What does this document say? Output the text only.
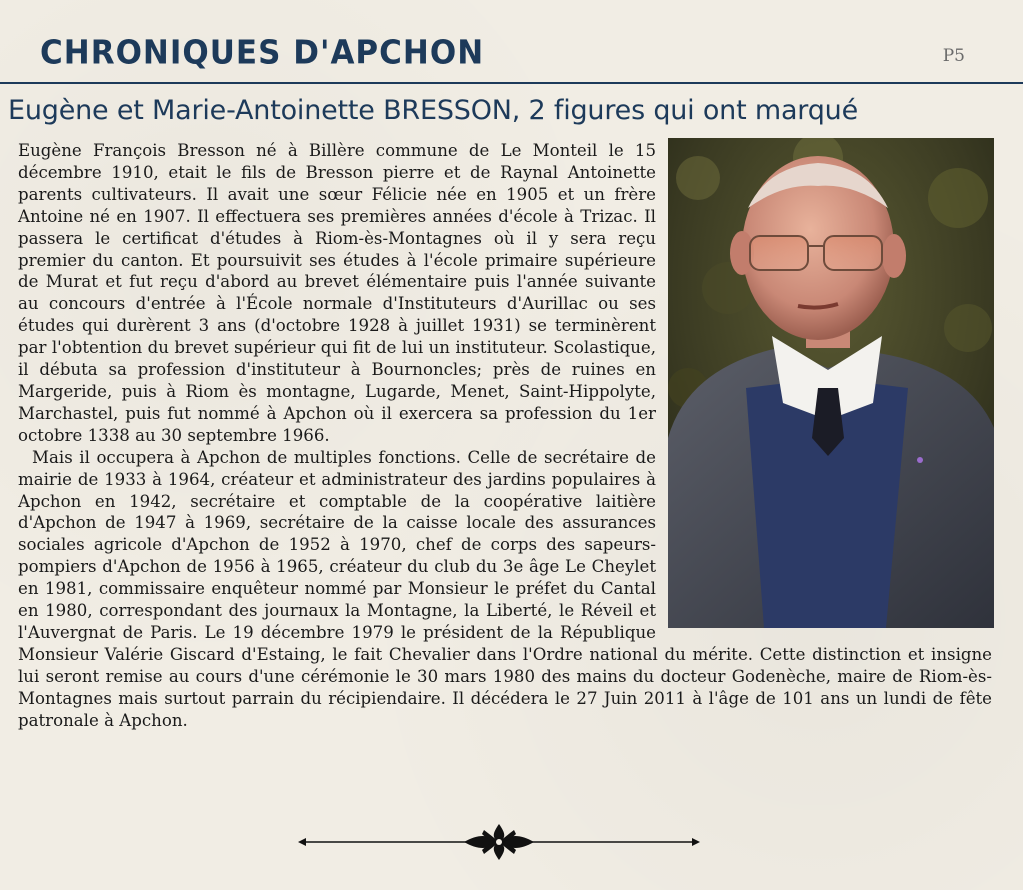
CHRONIQUES D'APCHON	P5
Eugène et Marie-Antoinette BRESSON, 2 figures qui ont marqué

Eugène François Bresson né à Billère commune de Le Monteil le 15 décembre 1910, etait le fils de Bresson pierre et de Raynal Antoinette parents cultivateurs. Il avait une sœur Félicie née en 1905 et un frère Antoine né en 1907. Il effectuera ses premières années d'école à Trizac. Il passera le certificat d'études à Riom-ès-Montagnes où il y sera reçu premier du canton. Et poursuivit ses études à l'école primaire supérieure de Murat et fut reçu d'abord au brevet élémentaire puis l'année suivante au concours d'entrée à l'École normale d'Instituteurs d'Aurillac ou ses études qui durèrent 3 ans (d'octobre 1928 à juillet 1931) se terminèrent par l'obtention du brevet supérieur qui fit de lui un instituteur. Scolastique, il débuta sa profession d'instituteur à Bournoncles; près de ruines en Margeride, puis à Riom ès montagne, Lugarde, Menet, Saint-Hippolyte, Marchastel, puis fut nommé à Apchon où il exercera sa profession du 1er octobre 1338 au 30 septembre 1966.

Mais il occupera à Apchon de multiples fonctions. Celle de secrétaire de mairie de 1933 à 1964, créateur et administrateur des jardins populaires à Apchon en 1942, secrétaire et comptable de la coopérative laitière d'Apchon de 1947 à 1969, secrétaire de la caisse locale des assurances sociales agricole d'Apchon de 1952 à 1970, chef de corps des sapeurs-pompiers d'Apchon de 1956 à 1965, créateur du club du 3e âge Le Cheylet en 1981, commissaire enquêteur nommé par Monsieur le préfet du Cantal en 1980, correspondant des journaux la Montagne, la Liberté, le Réveil et l'Auvergnat de Paris. Le 19 décembre 1979 le président de la République Monsieur Valérie Giscard d'Estaing, le fait Chevalier dans l'Ordre national du mérite. Cette distinction et insigne lui seront remise au cours d'une cérémonie le 30 mars 1980 des mains du docteur Godenèche, maire de Riom-ès-Montagnes mais surtout parrain du récipiendaire. Il décédera le 27 Juin 2011 à l'âge de 101 ans un lundi de fête patronale à Apchon.
